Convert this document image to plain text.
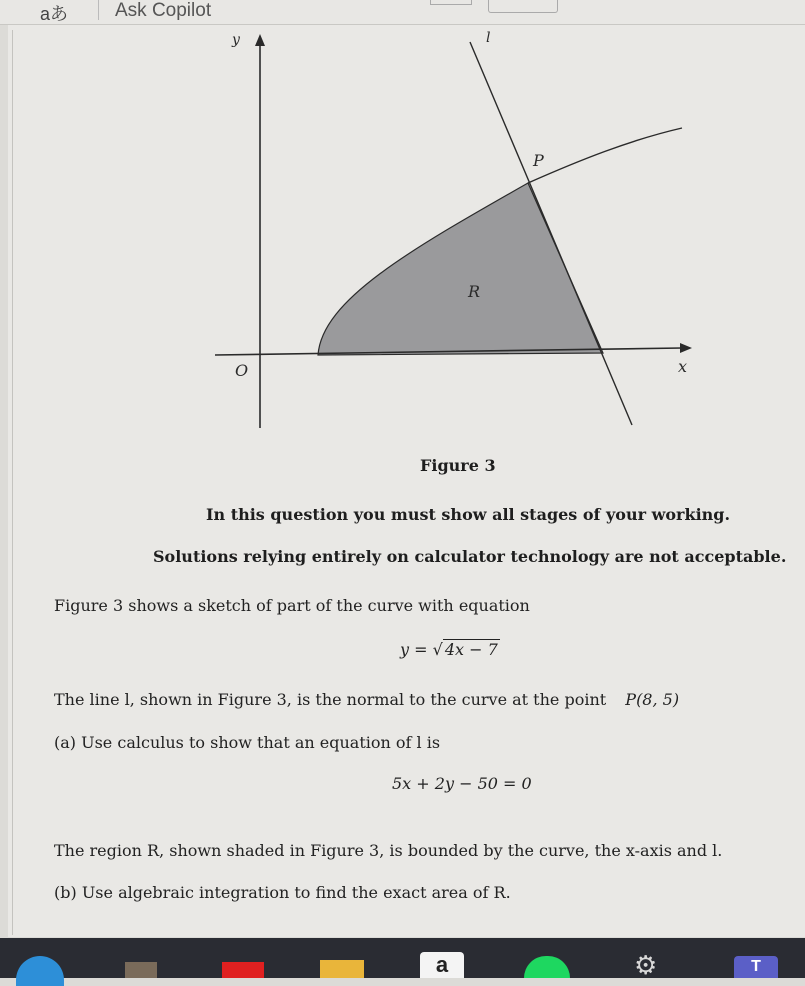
aあ Ask Copilot
y
x
O
l
P
R
Figure 3
In this question you must show all stages of your working.
Solutions relying entirely on calculator technology are not acceptable.
Figure 3 shows a sketch of part of the curve with equation
y = √ 4x − 7
The line l, shown in Figure 3, is the normal to the curve at the point P(8, 5)
(a) Use calculus to show that an equation of l is
5x + 2y − 50 = 0
The region R, shown shaded in Figure 3, is bounded by the curve, the x-axis and l.
(b) Use algebraic integration to find the exact area of R.
a	⚙	T
